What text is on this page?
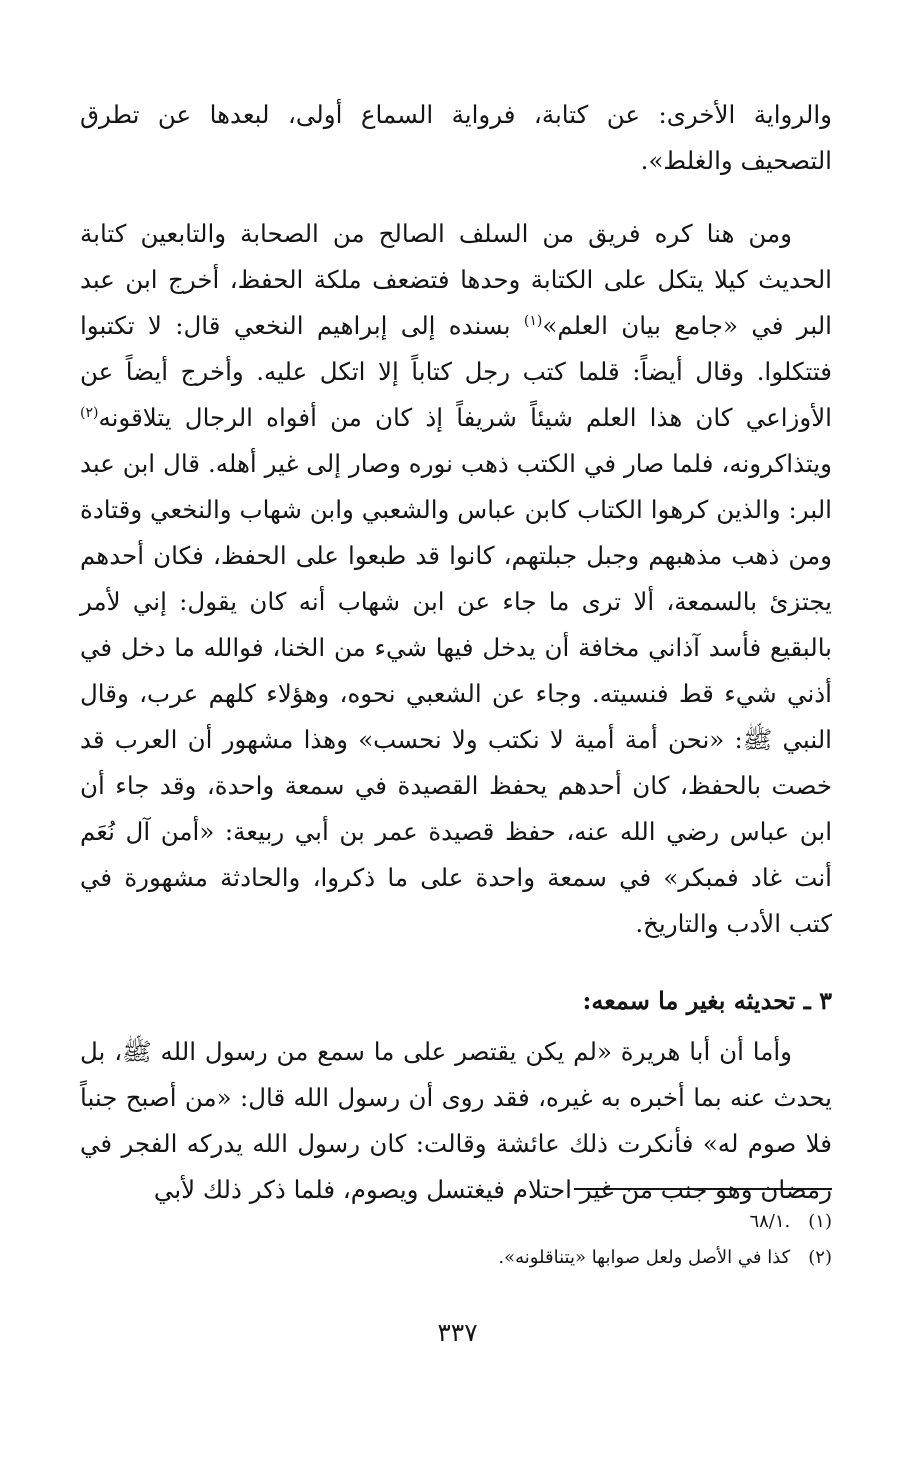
والرواية الأخرى: عن كتابة، فرواية السماع أولى، لبعدها عن تطرق التصحيف والغلط».

ومن هنا كره فريق من السلف الصالح من الصحابة والتابعين كتابة الحديث كيلا يتكل على الكتابة وحدها فتضعف ملكة الحفظ، أخرج ابن عبد البر في «جامع بيان العلم»$^{(١)}$ بسنده إلى إبراهيم النخعي قال: لا تكتبوا فتتكلوا. وقال أيضاً: قلما كتب رجل كتاباً إلا اتكل عليه. وأخرج أيضاً عن الأوزاعي كان هذا العلم شيئاً شريفاً إذ كان من أفواه الرجال يتلاقونه$^{(٢)}$ ويتذاكرونه، فلما صار في الكتب ذهب نوره وصار إلى غير أهله. قال ابن عبد البر: والذين كرهوا الكتاب كابن عباس والشعبي وابن شهاب والنخعي وقتادة ومن ذهب مذهبهم وجبل جبلتهم، كانوا قد طبعوا على الحفظ، فكان أحدهم يجتزئ بالسمعة، ألا ترى ما جاء عن ابن شهاب أنه كان يقول: إني لأمر بالبقيع فأسد آذاني مخافة أن يدخل فيها شيء من الخنا، فوالله ما دخل في أذني شيء قط فنسيته. وجاء عن الشعبي نحوه، وهؤلاء كلهم عرب، وقال النبي ﷺ: «نحن أمة أمية لا نكتب ولا نحسب» وهذا مشهور أن العرب قد خصت بالحفظ، كان أحدهم يحفظ القصيدة في سمعة واحدة، وقد جاء أن ابن عباس رضي الله عنه، حفظ قصيدة عمر بن أبي ربيعة: «أمن آل نُعَم أنت غاد فمبكر» في سمعة واحدة على ما ذكروا، والحادثة مشهورة في كتب الأدب والتاريخ.

٣ ـ تحديثه بغير ما سمعه:

وأما أن أبا هريرة «لم يكن يقتصر على ما سمع من رسول الله ﷺ، بل يحدث عنه بما أخبره به غيره، فقد روى أن رسول الله قال: «من أصبح جنباً فلا صوم له» فأنكرت ذلك عائشة وقالت: كان رسول الله يدركه الفجر في رمضان وهو جنب من غير احتلام فيغتسل ويصوم، فلما ذكر ذلك لأبي

(١)
.٦٨/١
(٢)
كذا في الأصل ولعل صوابها «يتناقلونه».
٣٣٧
